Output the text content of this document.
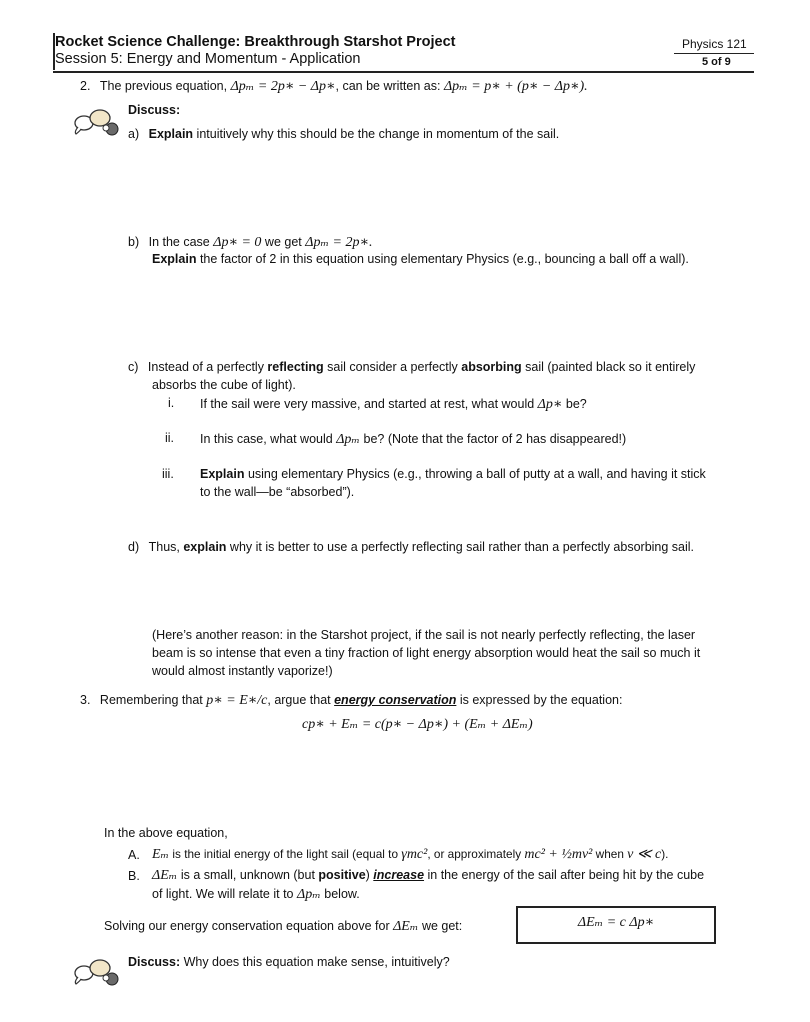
Rocket Science Challenge: Breakthrough Starshot Project
Session 5: Energy and Momentum - Application
Physics 121
5 of 9
2. The previous equation, Δpₘ = 2p∗ − Δp∗, can be written as: Δpₘ = p∗ + (p∗ − Δp∗).
Discuss:
a) Explain intuitively why this should be the change in momentum of the sail.
b) In the case Δp∗ = 0 we get Δpₘ = 2p∗.
Explain the factor of 2 in this equation using elementary Physics (e.g., bouncing a ball off a wall).
c) Instead of a perfectly reflecting sail consider a perfectly absorbing sail (painted black so it entirely
absorbs the cube of light).
i. If the sail were very massive, and started at rest, what would Δp∗ be?
ii. In this case, what would Δpₘ be? (Note that the factor of 2 has disappeared!)
iii. Explain using elementary Physics (e.g., throwing a ball of putty at a wall, and having it stick
to the wall—be “absorbed”).
d) Thus, explain why it is better to use a perfectly reflecting sail rather than a perfectly absorbing sail.
(Here’s another reason: in the Starshot project, if the sail is not nearly perfectly reflecting, the laser
beam is so intense that even a tiny fraction of light energy absorption would heat the sail so much it
would almost instantly vaporize!)
3. Remembering that p∗ = E∗/c, argue that energy conservation is expressed by the equation:
cp∗ + Eₘ = c(p∗ − Δp∗) + (Eₘ + ΔEₘ)
In the above equation,
A. Eₘ is the initial energy of the light sail (equal to γmc², or approximately mc² + ½mv² when v ≪ c).
B. ΔEₘ is a small, unknown (but positive) increase in the energy of the sail after being hit by the cube
of light. We will relate it to Δpₘ below.
Solving our energy conservation equation above for ΔEₘ we get:	ΔEₘ = c Δp∗
Discuss: Why does this equation make sense, intuitively?
